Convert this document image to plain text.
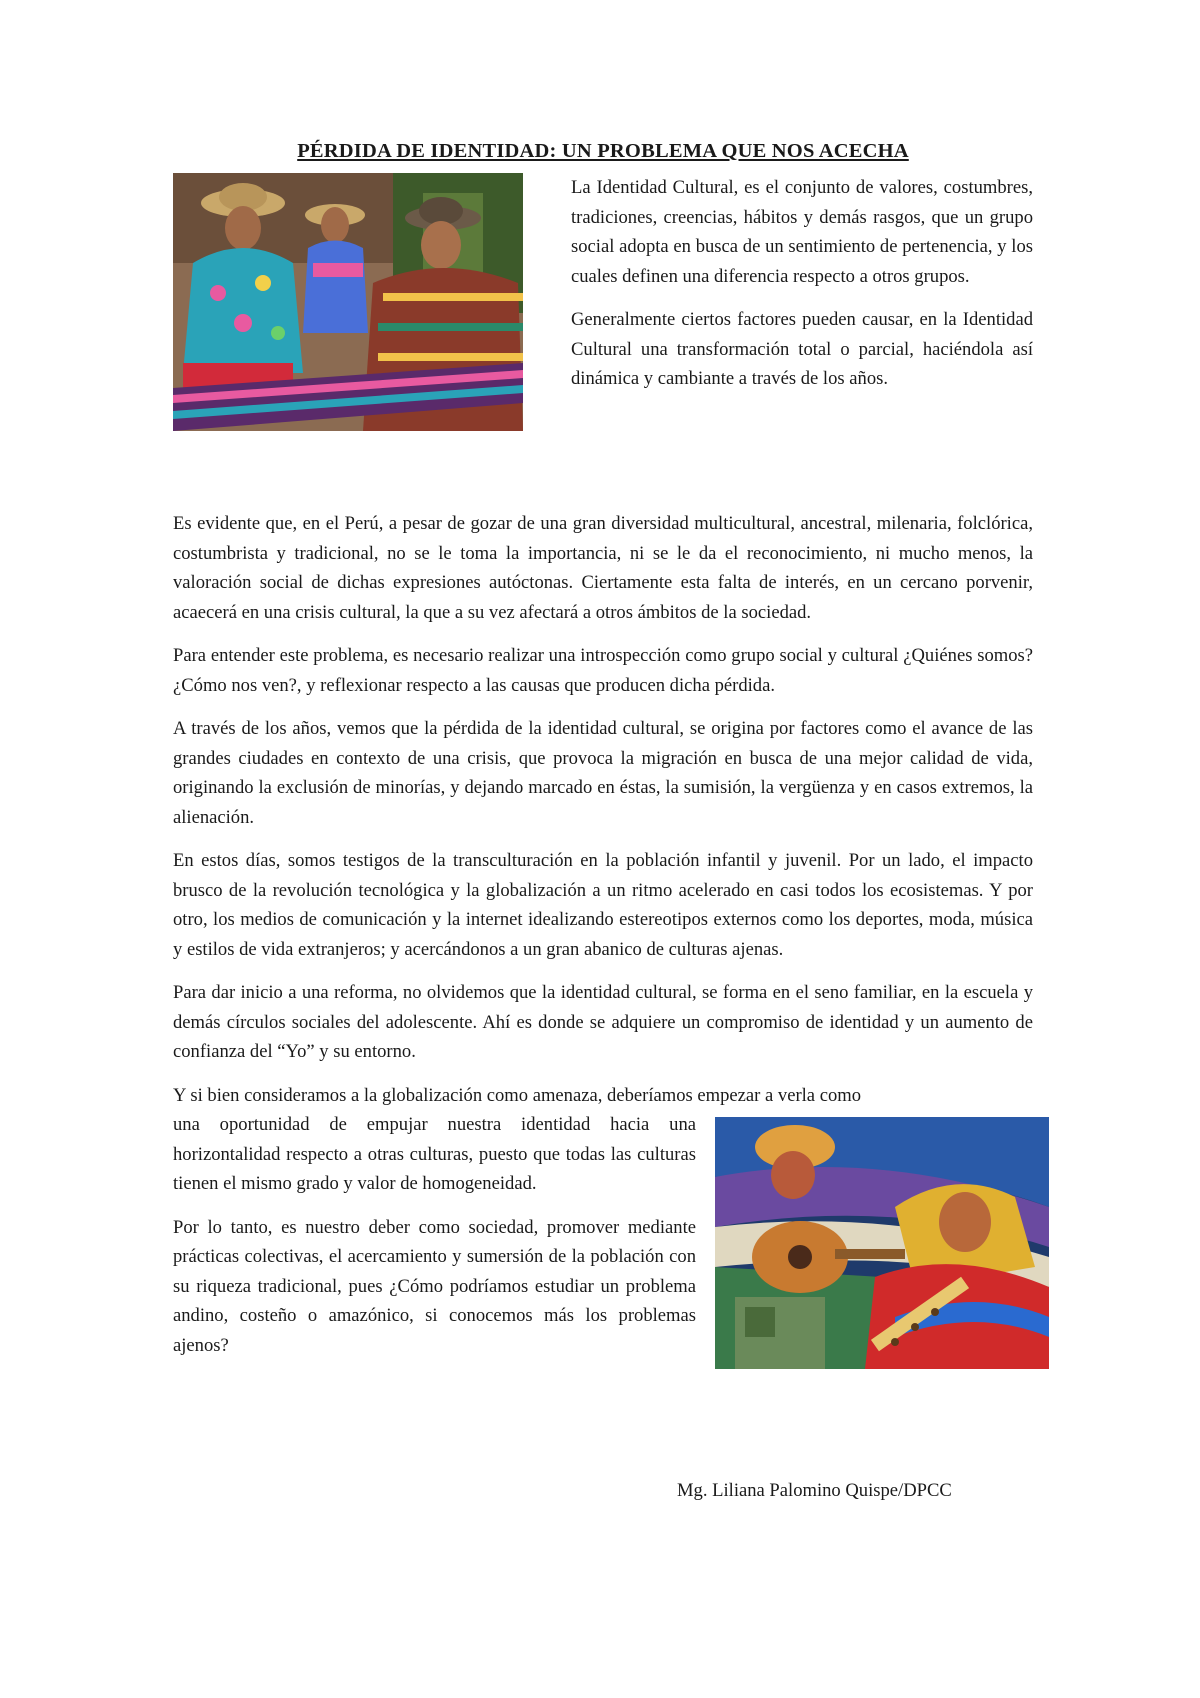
PÉRDIDA DE IDENTIDAD: UN PROBLEMA QUE NOS ACECHA

La Identidad Cultural, es el conjunto de valores, costumbres, tradiciones, creencias, hábitos y demás rasgos, que un grupo social adopta en busca de un sentimiento de pertenencia, y los cuales definen una diferencia respecto a otros grupos.

Generalmente ciertos factores pueden causar, en la Identidad Cultural una transformación total o parcial, haciéndola así dinámica y cambiante a través de los años.

Es evidente que, en el Perú, a pesar de gozar de una gran diversidad multicultural, ancestral, milenaria, folclórica, costumbrista y tradicional, no se le toma la importancia, ni se le da el reconocimiento, ni mucho menos, la valoración social de dichas expresiones autóctonas. Ciertamente esta falta de interés, en un cercano porvenir, acaecerá en una crisis cultural, la que a su vez afectará a otros ámbitos de la sociedad.

Para entender este problema, es necesario realizar una introspección como grupo social y cultural ¿Quiénes somos? ¿Cómo nos ven?, y reflexionar respecto a las causas que producen dicha pérdida.

A través de los años, vemos que la pérdida de la identidad cultural, se origina por factores como el avance de las grandes ciudades en contexto de una crisis, que provoca la migración en busca de una mejor calidad de vida, originando la exclusión de minorías, y dejando marcado en éstas, la sumisión, la vergüenza y en casos extremos, la alienación.

En estos días, somos testigos de la transculturación en la población infantil y juvenil. Por un lado, el impacto brusco de la revolución tecnológica y la globalización a un ritmo acelerado en casi todos los ecosistemas. Y por otro, los medios de comunicación y la internet idealizando estereotipos externos como los deportes, moda, música y estilos de vida extranjeros; y acercándonos a un gran abanico de culturas ajenas.

Para dar inicio a una reforma, no olvidemos que la identidad cultural, se forma en el seno familiar, en la escuela y demás círculos sociales del adolescente. Ahí es donde se adquiere un compromiso de identidad y un aumento de confianza del “Yo” y su entorno.

Y si bien consideramos a la globalización como amenaza, deberíamos empezar a verla como

una oportunidad de empujar nuestra identidad hacia una horizontalidad respecto a otras culturas, puesto que todas las culturas tienen el mismo grado y valor de homogeneidad.

Por lo tanto, es nuestro deber como sociedad, promover mediante prácticas colectivas, el acercamiento y sumersión de la población con su riqueza tradicional, pues ¿Cómo podríamos estudiar un problema andino, costeño o amazónico, si conocemos más los problemas ajenos?

Mg. Liliana Palomino Quispe/DPCC
